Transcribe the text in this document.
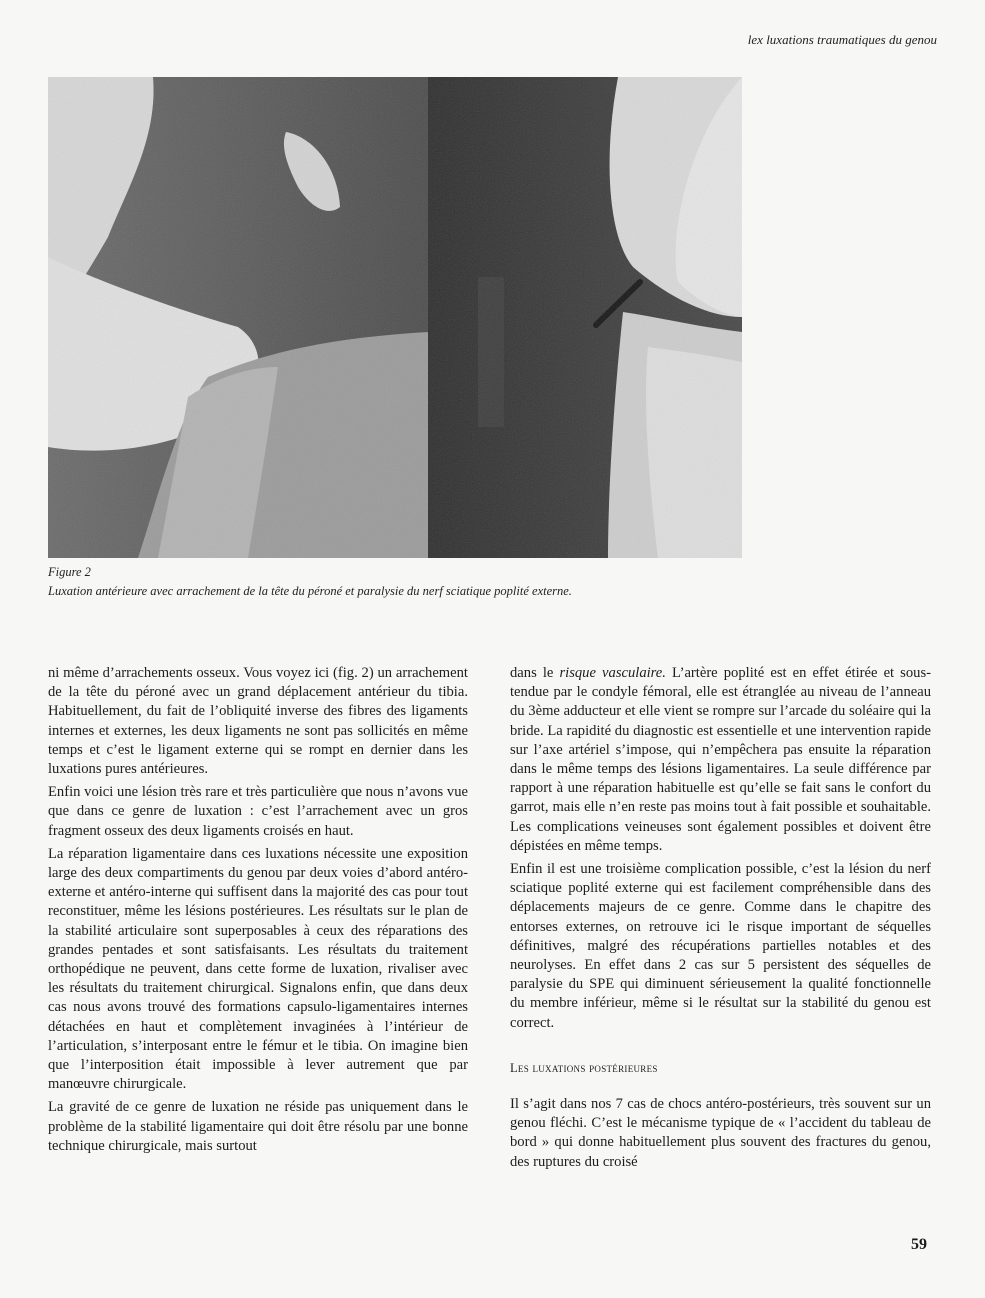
lex luxations traumatiques du genou
Figure 2
Luxation antérieure avec arrachement de la tête du péroné et paralysie du nerf sciatique poplité externe.

ni même d’arrachements osseux. Vous voyez ici (fig. 2) un arrachement de la tête du péroné avec un grand déplacement antérieur du tibia. Habituellement, du fait de l’obliquité inverse des fibres des ligaments internes et externes, les deux ligaments ne sont pas sollicités en même temps et c’est le ligament externe qui se rompt en dernier dans les luxations pures antérieures.

Enfin voici une lésion très rare et très particulière que nous n’avons vue que dans ce genre de luxation : c’est l’arrachement avec un gros fragment osseux des deux ligaments croisés en haut.

La réparation ligamentaire dans ces luxations nécessite une exposition large des deux compartiments du genou par deux voies d’abord antéro-externe et antéro-interne qui suffisent dans la majorité des cas pour tout reconstituer, même les lésions postérieures. Les résultats sur le plan de la stabilité articulaire sont superposables à ceux des réparations des grandes pentades et sont satisfaisants. Les résultats du traitement orthopédique ne peuvent, dans cette forme de luxation, rivaliser avec les résultats du traitement chirurgical. Signalons enfin, que dans deux cas nous avons trouvé des formations capsulo-ligamentaires internes détachées en haut et complètement invaginées à l’intérieur de l’articulation, s’interposant entre le fémur et le tibia. On imagine bien que l’interposition était impossible à lever autrement que par manœuvre chirurgicale.

La gravité de ce genre de luxation ne réside pas uniquement dans le problème de la stabilité ligamentaire qui doit être résolu par une bonne technique chirurgicale, mais surtout

dans le risque vasculaire. L’artère poplité est en effet étirée et sous-tendue par le condyle fémoral, elle est étranglée au niveau de l’anneau du 3ème adducteur et elle vient se rompre sur l’arcade du soléaire qui la bride. La rapidité du diagnostic est essentielle et une intervention rapide sur l’axe artériel s’impose, qui n’empêchera pas ensuite la réparation dans le même temps des lésions ligamentaires. La seule différence par rapport à une réparation habituelle est qu’elle se fait sans le confort du garrot, mais elle n’en reste pas moins tout à fait possible et souhaitable. Les complications veineuses sont également possibles et doivent être dépistées en même temps.

Enfin il est une troisième complication possible, c’est la lésion du nerf sciatique poplité externe qui est facilement compréhensible dans des déplacements majeurs de ce genre. Comme dans le chapitre des entorses externes, on retrouve ici le risque important de séquelles définitives, malgré des récupérations partielles notables et des neurolyses. En effet dans 2 cas sur 5 persistent des séquelles de paralysie du SPE qui diminuent sérieusement la qualité fonctionnelle du membre inférieur, même si le résultat sur la stabilité du genou est correct.

Les luxations postérieures

Il s’agit dans nos 7 cas de chocs antéro-postérieurs, très souvent sur un genou fléchi. C’est le mécanisme typique de « l’accident du tableau de bord » qui donne habituellement plus souvent des fractures du genou, des ruptures du croisé

59
